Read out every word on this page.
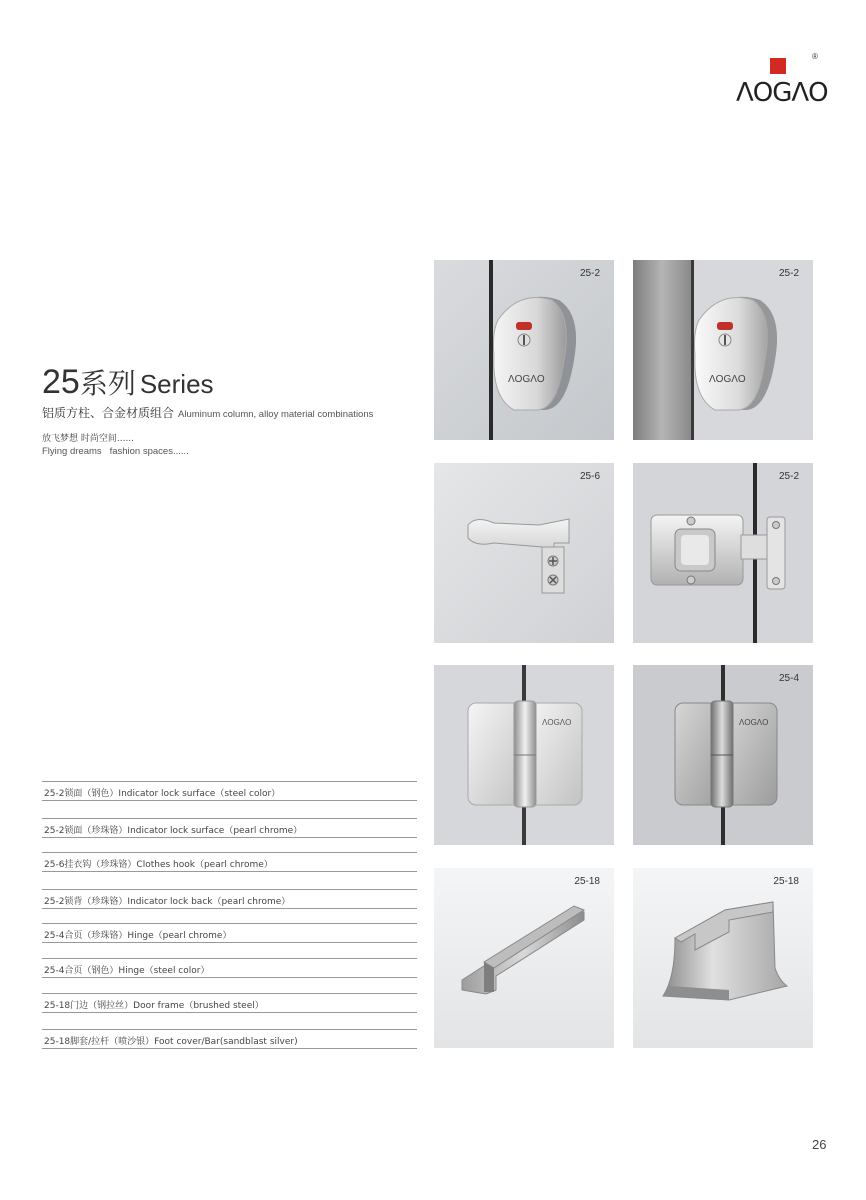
®
ΛOGΛO
25系列 Series
铝质方柱、合金材质组合 Aluminum column, alloy material combinations
放飞梦想 时尚空间......
Flying dreams   fashion spaces......
25-2锁面（钢色）Indicator lock surface（steel color）
25-2锁面（珍珠铬）Indicator lock surface（pearl chrome）
25-6挂衣钩（珍珠铬）Clothes hook（pearl chrome）
25-2锁背（珍珠铬）Indicator lock back（pearl chrome）
25-4合页（珍珠铬）Hinge（pearl chrome）
25-4合页（钢色）Hinge（steel color）
25-18门边（钢拉丝）Door frame（brushed steel）
25-18脚套/拉杆（喷沙银）Foot cover/Bar(sandblast silver)
ΛOGΛO
25-2
ΛOGΛO
25-2
25-6	25-2
ΛOGΛO	ΛOGΛO
25-4
25-18	25-18
26
